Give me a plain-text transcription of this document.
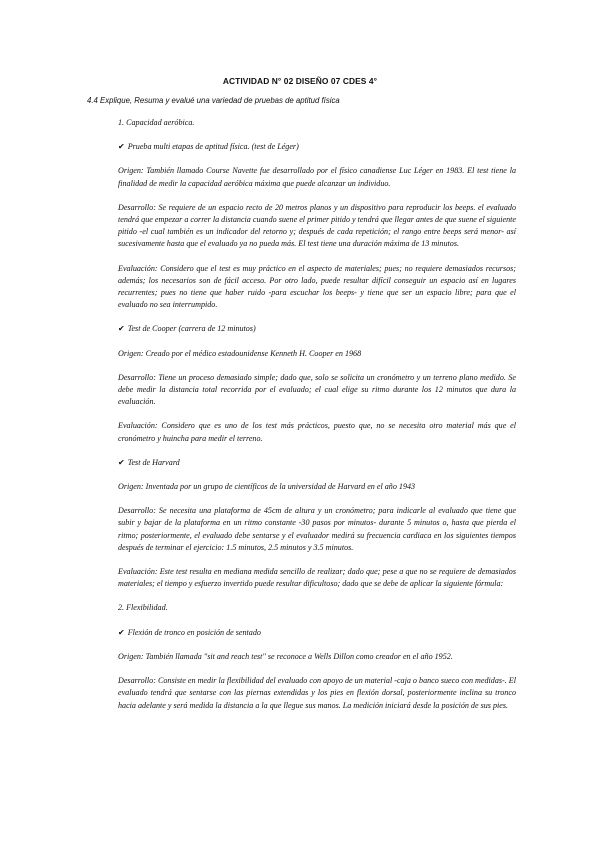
ACTIVIDAD N° 02 DISEÑO 07 CDES 4°
4.4 Explique, Resuma y evalué una variedad de pruebas de aptitud física

1. Capacidad aeróbica.

✔ Prueba multi etapas de aptitud física. (test de Léger)

Origen: También llamado Course Navette fue desarrollado por el físico canadiense Luc Léger en 1983. El test tiene la finalidad de medir la capacidad aeróbica máxima que puede alcanzar un individuo.

Desarrollo: Se requiere de un espacio recto de 20 metros planos y un dispositivo para reproducir los beeps. el evaluado tendrá que empezar a correr la distancia cuando suene el primer pitido y tendrá que llegar antes de que suene el siguiente pitido -el cual también es un indicador del retorno y; después de cada repetición; el rango entre beeps será menor- así sucesivamente hasta que el evaluado ya no pueda más. El test tiene una duración máxima de 13 minutos.

Evaluación: Considero que el test es muy práctico en el aspecto de materiales; pues; no requiere demasiados recursos; además; los necesarios son de fácil acceso. Por otro lado, puede resultar difícil conseguir un espacio así en lugares recurrentes; pues no tiene que haber ruido -para escuchar los beeps- y tiene que ser un espacio libre; para que el evaluado no sea interrumpido.

✔ Test de Cooper (carrera de 12 minutos)

Origen: Creado por el médico estadounidense Kenneth H. Cooper en 1968

Desarrollo: Tiene un proceso demasiado simple; dado que, solo se solicita un cronómetro y un terreno plano medido. Se debe medir la distancia total recorrida por el evaluado; el cual elige su ritmo durante los 12 minutos que dura la evaluación.

Evaluación: Considero que es uno de los test más prácticos, puesto que, no se necesita otro material más que el cronómetro y huincha para medir el terreno.

✔ Test de Harvard

Origen: Inventada por un grupo de científicos de la universidad de Harvard en el año 1943

Desarrollo: Se necesita una plataforma de 45cm de altura y un cronómetro; para indicarle al evaluado que tiene que subir y bajar de la plataforma en un ritmo constante -30 pasos por minutos- durante 5 minutos o, hasta que pierda el ritmo; posteriormente, el evaluado debe sentarse y el evaluador medirá su frecuencia cardiaca en los siguientes tiempos después de terminar el ejercicio: 1.5 minutos, 2.5 minutos y 3.5 minutos.

Evaluación: Este test resulta en mediana medida sencillo de realizar; dado que; pese a que no se requiere de demasiados materiales; el tiempo y esfuerzo invertido puede resultar dificultoso; dado que se debe de aplicar la siguiente fórmula:

2. Flexibilidad.

✔ Flexión de tronco en posición de sentado

Origen: También llamada "sit and reach test" se reconoce a Wells Dillon como creador en el año 1952.

Desarrollo: Consiste en medir la flexibilidad del evaluado con apoyo de un material -caja o banco sueco con medidas-. El evaluado tendrá que sentarse con las piernas extendidas y los pies en flexión dorsal, posteriormente inclina su tronco hacia adelante y será medida la distancia a la que llegue sus manos. La medición iniciará desde la posición de sus pies.
